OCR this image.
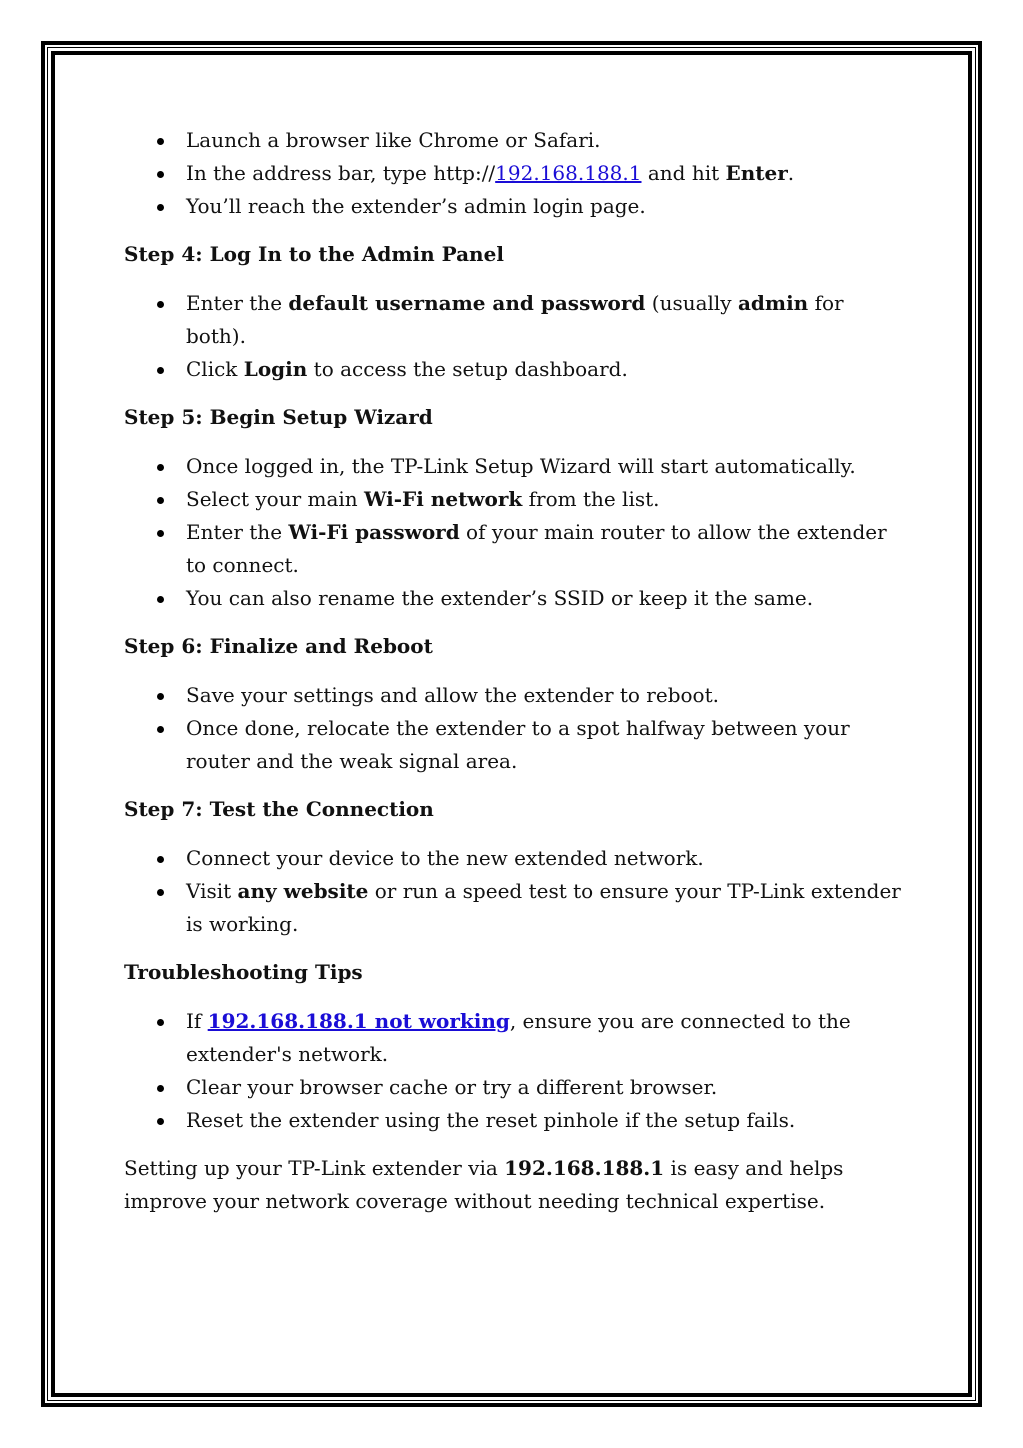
Launch a browser like Chrome or Safari.
In the address bar, type http://192.168.188.1 and hit Enter.
You’ll reach the extender’s admin login page.
Step 4: Log In to the Admin Panel
Enter the default username and password (usually admin for both).
Click Login to access the setup dashboard.
Step 5: Begin Setup Wizard
Once logged in, the TP-Link Setup Wizard will start automatically.
Select your main Wi-Fi network from the list.
Enter the Wi-Fi password of your main router to allow the extender to connect.
You can also rename the extender’s SSID or keep it the same.
Step 6: Finalize and Reboot
Save your settings and allow the extender to reboot.
Once done, relocate the extender to a spot halfway between your router and the weak signal area.
Step 7: Test the Connection
Connect your device to the new extended network.
Visit any website or run a speed test to ensure your TP-Link extender is working.
Troubleshooting Tips
If 192.168.188.1 not working, ensure you are connected to the extender's network.
Clear your browser cache or try a different browser.
Reset the extender using the reset pinhole if the setup fails.

Setting up your TP-Link extender via 192.168.188.1 is easy and helps improve your network coverage without needing technical expertise.
